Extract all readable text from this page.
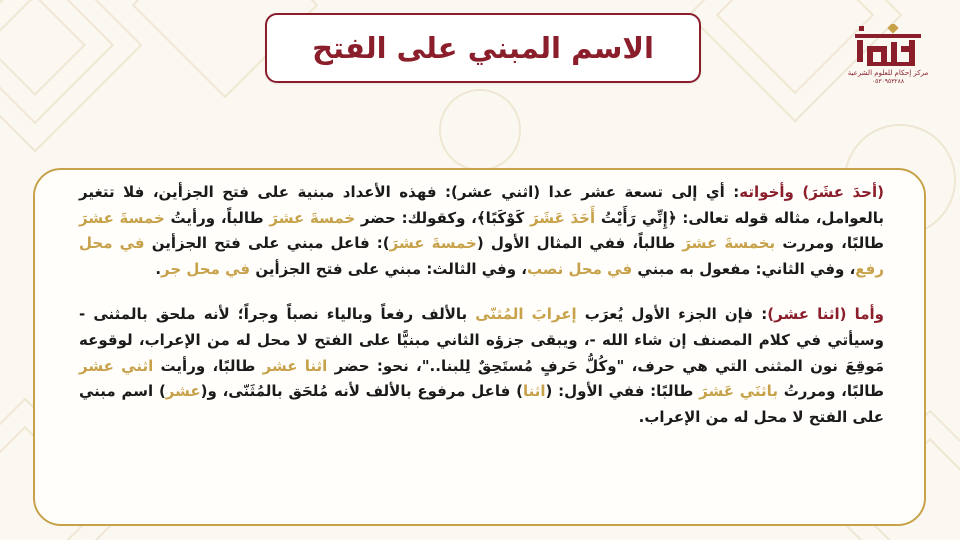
الاسم المبني على الفتح
مركز إحكام للعلوم الشرعية
٠٥٣٠٩٥٣٢٨٨

(أحدَ عشَرَ) وأخواته: أي إلى تسعة عشر عدا (اثني عشر): فهذه الأعداد مبنية على فتح الجزأين، فلا تتغير بالعوامل، مثاله قوله تعالى: ﴿إِنِّي رَأَيْتُ أَحَدَ عَشَرَ كَوْكَبًا﴾، وكقولك: حضر خمسةَ عشرَ طالباً، ورأيتُ خمسةَ عشرَ طالبًا، ومررت بخمسةَ عشرَ طالباً، ففي المثال الأول (خمسةَ عشرَ): فاعل مبني على فتح الجزأين في محل رفع، وفي الثاني: مفعول به مبني في محل نصب، وفي الثالث: مبني على فتح الجزأين في محل جر.

وأما (اثنا عشر): فإن الجزء الأول يُعرَب إعرابَ المُثنّى بالألف رفعاً وبالياء نصباً وجراً؛ لأنه ملحق بالمثنى - وسيأتي في كلام المصنف إن شاء الله -، ويبقى جزؤه الثاني مبنيًّا على الفتح لا محل له من الإعراب، لوقوعه مَوقِعَ نون المثنى التي هي حرف، "وكُلُّ حَرفٍ مُستَحِقٌ لِلبنا.."، نحو: حضر اثنا عشر طالبًا، ورأيت اثني عشر طالبًا، ومررتُ باثنَي عَشرَ طالبًا: ففي الأول: (اثنا) فاعل مرفوع بالألف لأنه مُلحَق بالمُثَنّى، و(عشر) اسم مبني على الفتح لا محل له من الإعراب.
